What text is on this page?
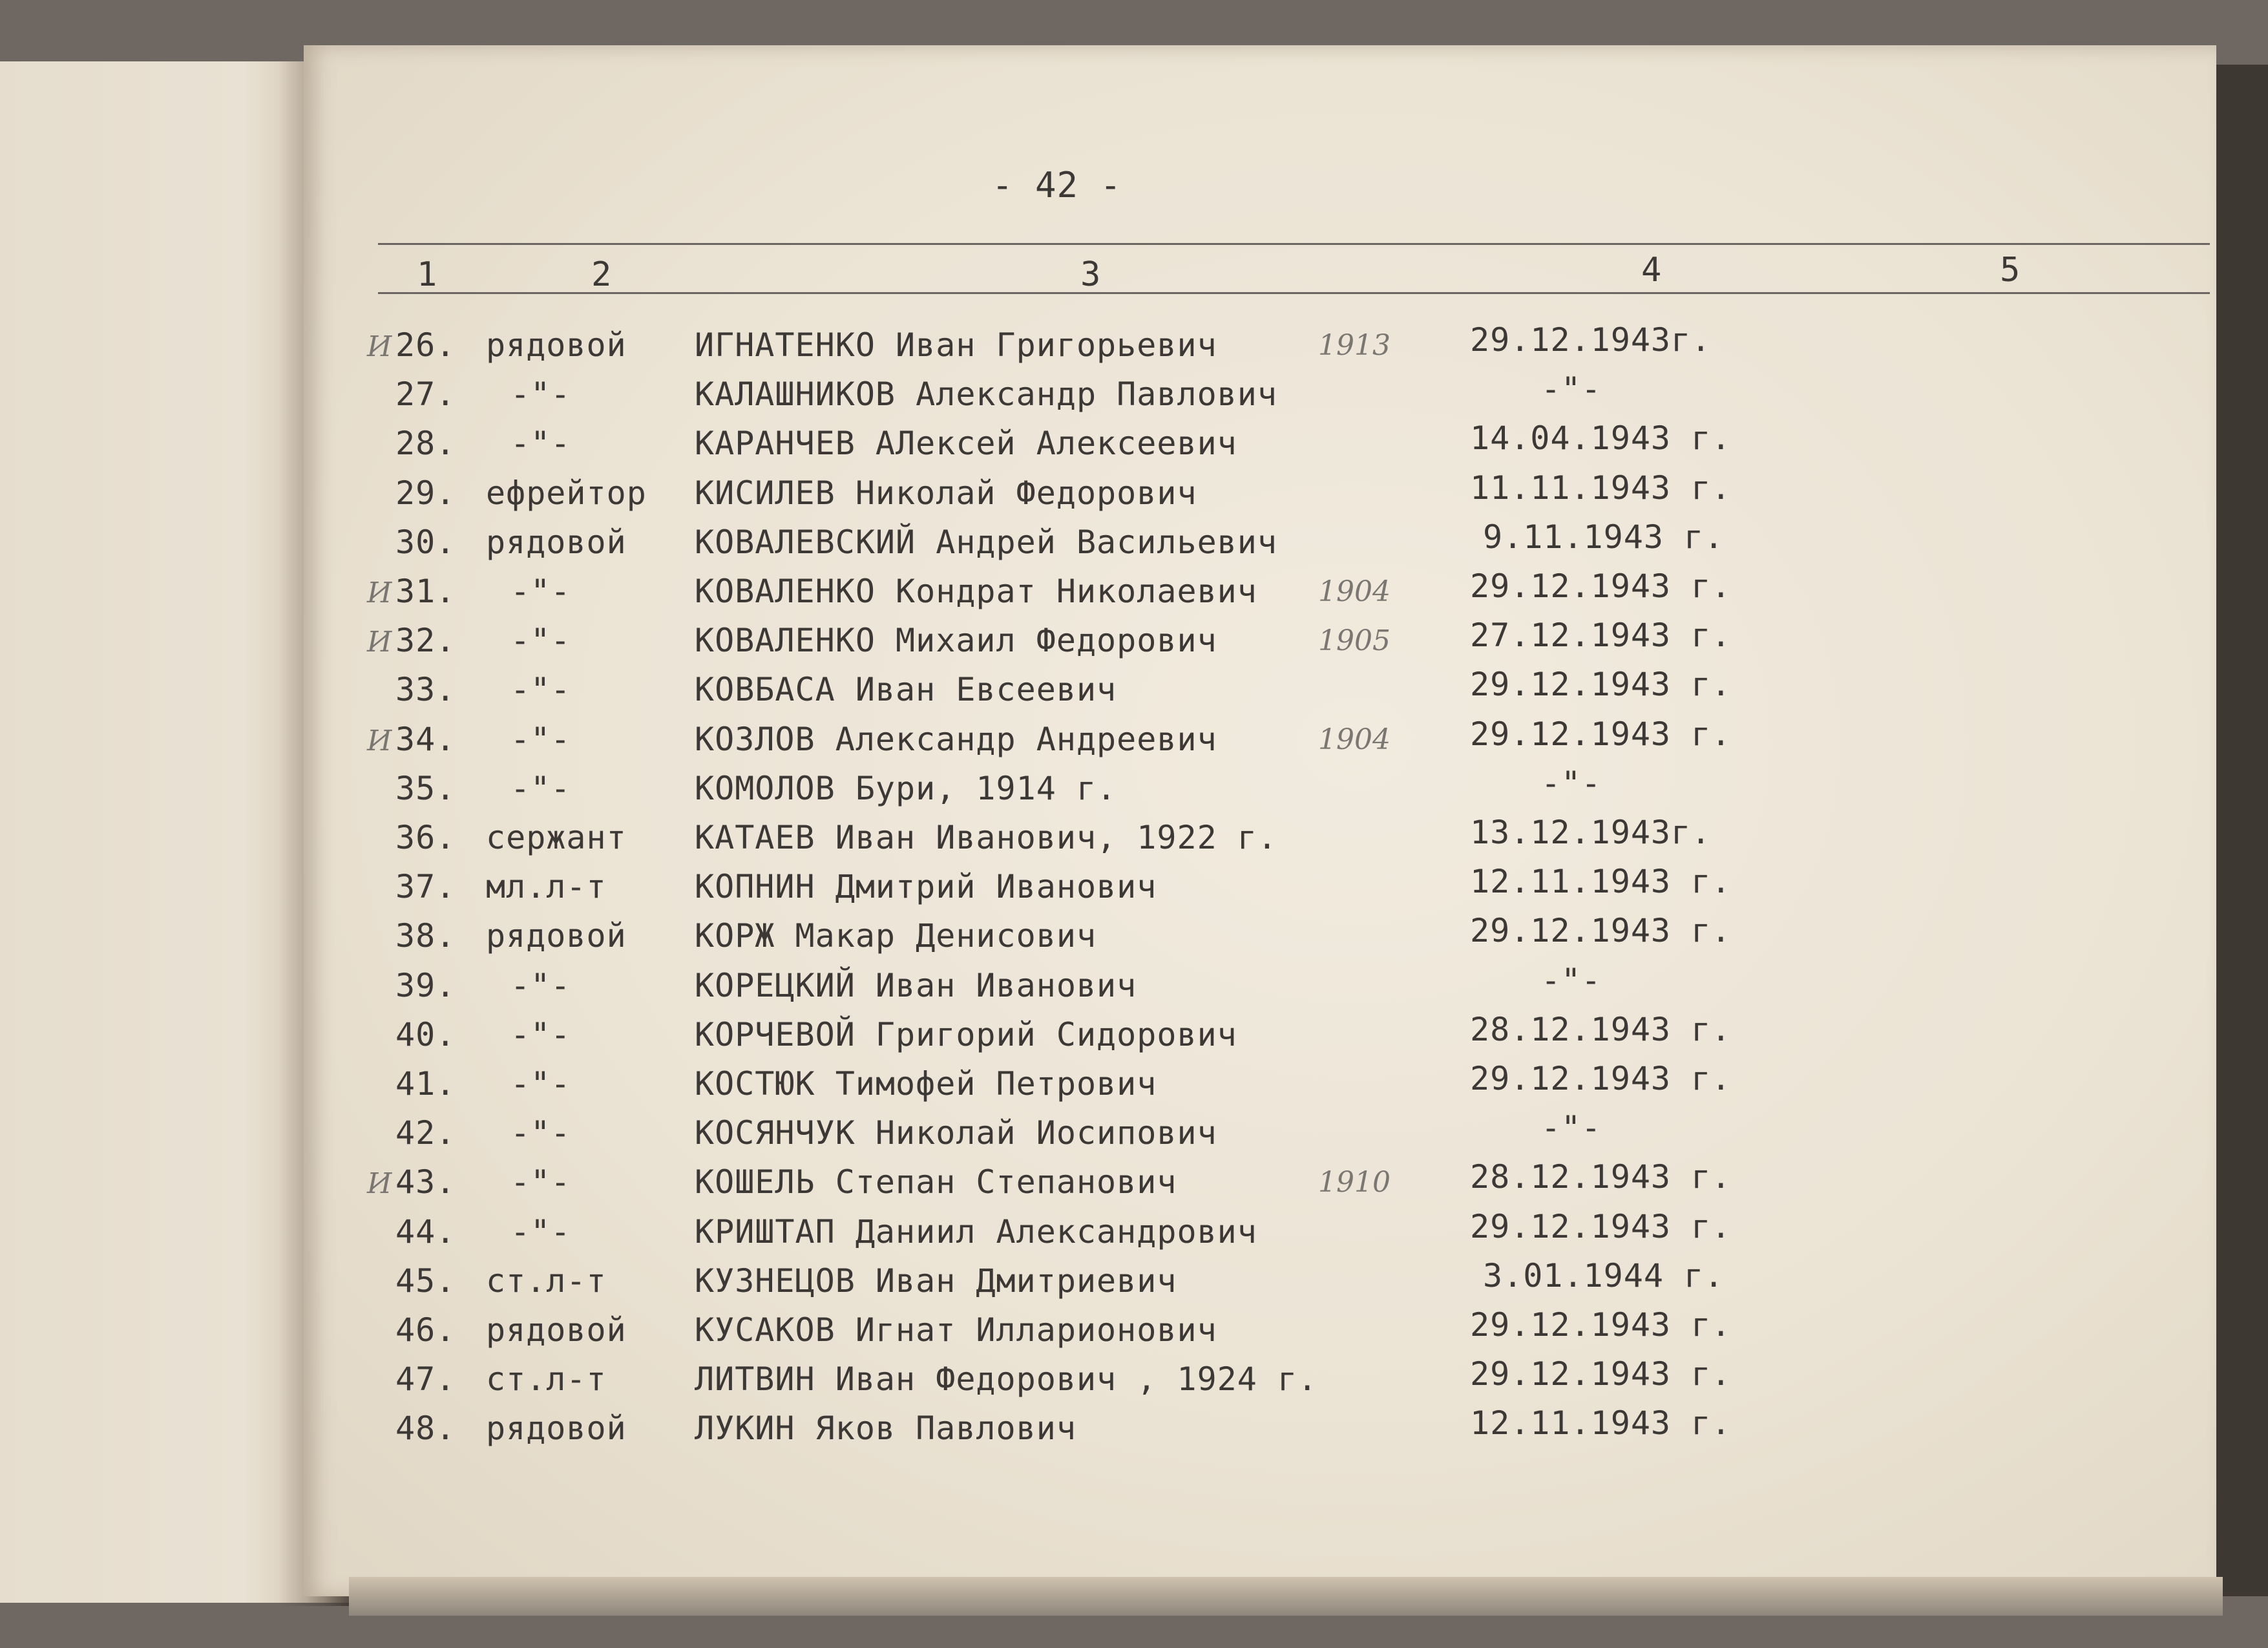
- 42 -
1	2	3	4	5
И 26. рядовой ИГНАТЕНКО Иван Григорьевич	1913 29.12.1943г.
27. -"-	КАЛАШНИКОВ Александр Павлович	-"-
28. -"-	КАРАНЧЕВ АЛексей Алексеевич	14.04.1943 г.
29. ефрейтор КИСИЛЕВ Николай Федорович	11.11.1943 г.
30. рядовой КОВАЛЕВСКИЙ Андрей Васильевич	9.11.1943 г.
И 31. -"-	КОВАЛЕНКО Кондрат Николаевич 1904 29.12.1943 г.
И 32. -"-	КОВАЛЕНКО Михаил Федорович	1905 27.12.1943 г.
33. -"-	КОВБАСА Иван Евсеевич	29.12.1943 г.
И 34. -"-	КОЗЛОВ Александр Андреевич	1904 29.12.1943 г.
35. -"-	КОМОЛОВ Бури, 1914 г.	-"-
36. сержант КАТАЕВ Иван Иванович, 1922 г.	13.12.1943г.
37. мл.л-т	КОПНИН Дмитрий Иванович	12.11.1943 г.
38. рядовой КОРЖ Макар Денисович	29.12.1943 г.
39. -"-	КОРЕЦКИЙ Иван Иванович	-"-
40. -"-	КОРЧЕВОЙ Григорий Сидорович	28.12.1943 г.
41. -"-	КОСТЮК Тимофей Петрович	29.12.1943 г.
42. -"-	КОСЯНЧУК Николай Иосипович	-"-
И 43. -"-	КОШЕЛЬ Степан Степанович	1910 28.12.1943 г.
44. -"-	КРИШТАП Даниил Александрович	29.12.1943 г.
45. ст.л-т	КУЗНЕЦОВ Иван Дмитриевич	3.01.1944 г.
46. рядовой КУСАКОВ Игнат Илларионович	29.12.1943 г.
47. ст.л-т	ЛИТВИН Иван Федорович , 1924 г.	29.12.1943 г.
48. рядовой ЛУКИН Яков Павлович	12.11.1943 г.
